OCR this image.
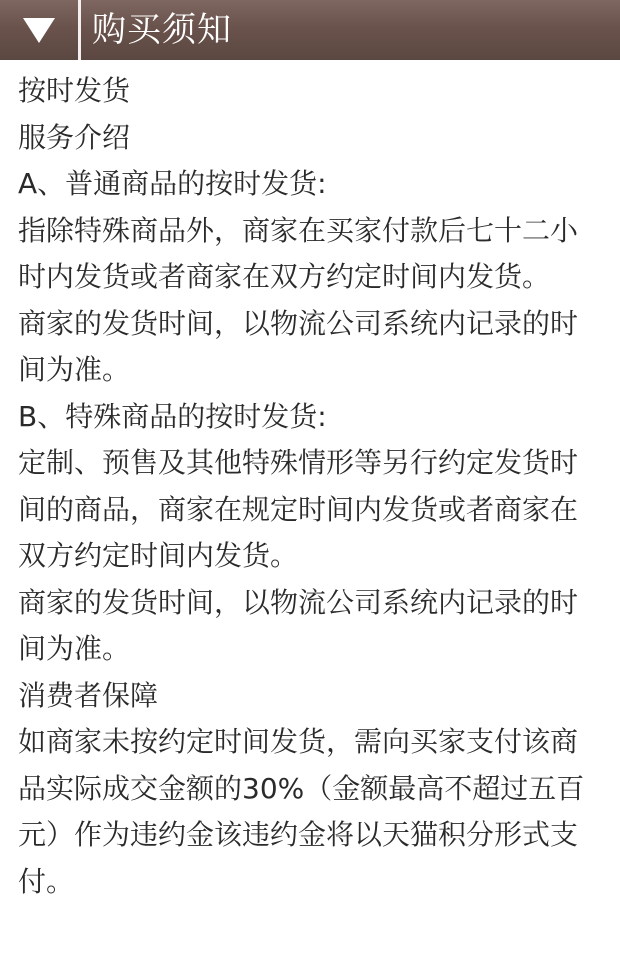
购买须知

按时发货

服务介绍

A、普通商品的按时发货:

指除特殊商品外，商家在买家付款后七十二小时内发货或者商家在双方约定时间内发货。

商家的发货时间，以物流公司系统内记录的时间为准。

B、特殊商品的按时发货:

定制、预售及其他特殊情形等另行约定发货时间的商品，商家在规定时间内发货或者商家在双方约定时间内发货。

商家的发货时间，以物流公司系统内记录的时间为准。

消费者保障

如商家未按约定时间发货，需向买家支付该商品实际成交金额的30%（金额最高不超过五百元）作为违约金该违约金将以天猫积分形式支付。
